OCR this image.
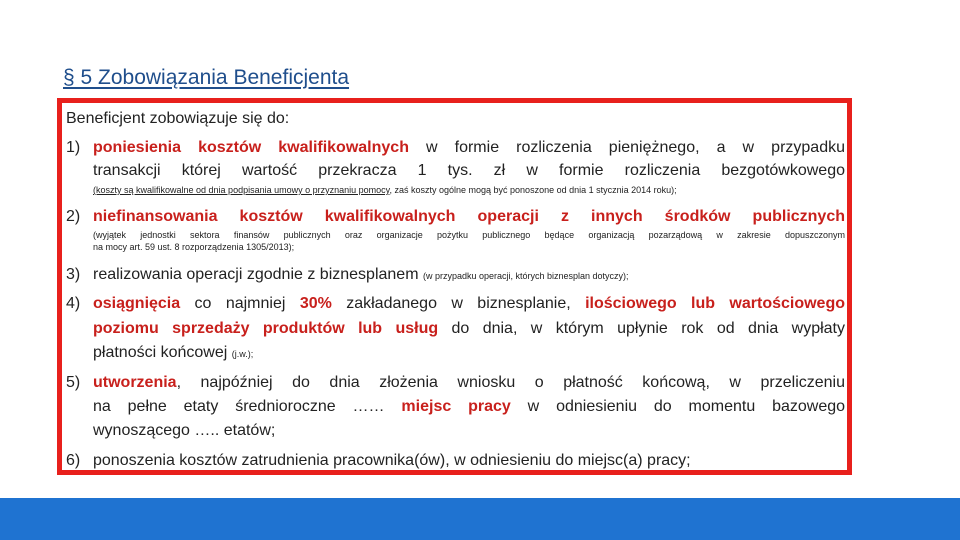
§ 5 Zobowiązania Beneficjenta
Beneficjent zobowiązuje się do:
1) poniesienia kosztów kwalifikowalnych w formie rozliczenia pieniężnego, a w przypadku
transakcji której wartość przekracza 1 tys. zł w formie rozliczenia bezgotówkowego
(koszty są kwalifikowalne od dnia podpisania umowy o przyznaniu pomocy, zaś koszty ogólne mogą być ponoszone od dnia 1 stycznia 2014 roku);
2) niefinansowania kosztów kwalifikowalnych operacji z innych środków publicznych
(wyjątek jednostki sektora finansów publicznych oraz organizacje pożytku publicznego będące organizacją pozarządową w zakresie dopuszczonym
na mocy art. 59 ust. 8 rozporządzenia 1305/2013);
3) realizowania operacji zgodnie z biznesplanem (w przypadku operacji, których biznesplan dotyczy);
4) osiągnięcia co najmniej 30% zakładanego w biznesplanie, ilościowego lub wartościowego
poziomu sprzedaży produktów lub usług do dnia, w którym upłynie rok od dnia wypłaty
płatności końcowej (j.w.);
5) utworzenia, najpóźniej do dnia złożenia wniosku o płatność końcową, w przeliczeniu
na pełne etaty średnioroczne …… miejsc pracy w odniesieniu do momentu bazowego
wynoszącego ….. etatów;
6) ponoszenia kosztów zatrudnienia pracownika(ów), w odniesieniu do miejsc(a) pracy;
